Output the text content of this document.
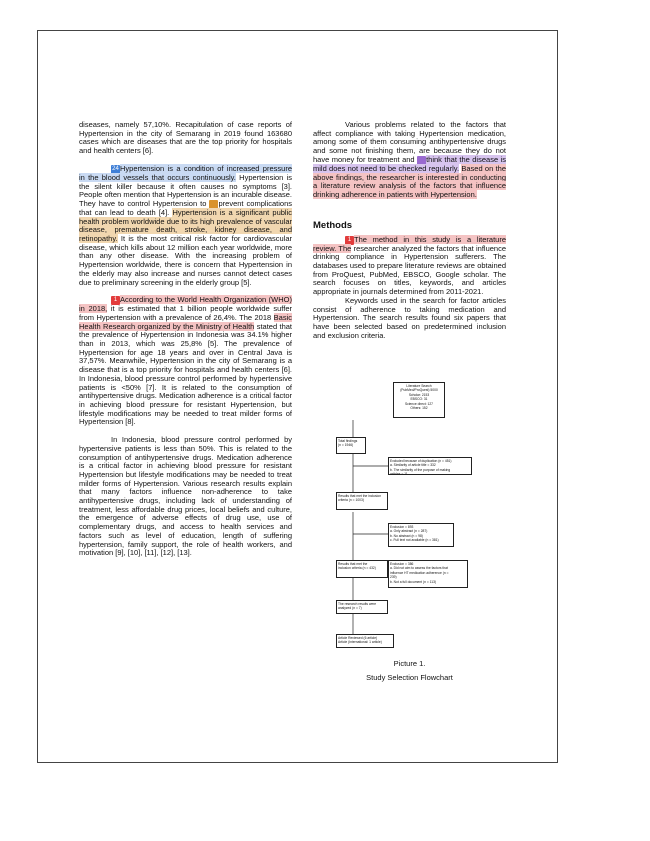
diseases, namely 57,10%. Recapitulation of case reports of Hypertension in the city of Semarang in 2019 found 163680 cases which are diseases that are the top priority for hospitals and health centers [6].

24Hypertension is a condition of increased pressure in the blood vessels that occurs continuously. Hypertension is the silent killer because it often causes no symptoms [3]. People often mention that Hypertension is an incurable disease. They have to control Hypertension to prevent complications that can lead to death [4]. Hypertension is a significant public health problem worldwide due to its high prevalence of vascular disease, premature death, stroke, kidney disease, and retinopathy. It is the most critical risk factor for cardiovascular disease, which kills about 12 million each year worldwide, more than any other disease. With the increasing problem of Hypertension worldwide, there is concern that Hypertension in the elderly may also increase and nurses cannot detect cases due to preliminary screening in the elderly group [5].

1 According to the World Health Organization (WHO) in 2018, it is estimated that 1 billion people worldwide suffer from Hypertension with a prevalence of 26,4%. The 2018 Basic Health Research organized by the Ministry of Health stated that the prevalence of Hypertension in Indonesia was 34.1% higher than in 2013, which was 25,8% [5]. The prevalence of Hypertension for age 18 years and over in Central Java is 37,57%. Meanwhile, Hypertension in the city of Semarang is a disease that is a top priority for hospitals and health centers [6]. In Indonesia, blood pressure control performed by hypertensive patients is <50% [7]. It is related to the consumption of antihypertensive drugs. Medication adherence is a critical factor in achieving blood pressure for resistant Hypertension, but lifestyle modifications may be needed to treat milder forms of Hypertension [8].

In Indonesia, blood pressure control performed by hypertensive patients is less than 50%. This is related to the consumption of antihypertensive drugs. Medication adherence is a critical factor in achieving blood pressure for resistant Hypertension but lifestyle modifications may be needed to treat milder forms of Hypertension. Various research results explain that many factors influence non-adherence to take antihypertensive drugs, including lack of understanding of treatment, less affordable drug prices, local beliefs and culture, the emergence of adverse effects of drug use, use of complementary drugs, and access to health services and factors such as level of education, length of suffering hypertension, family support, the role of health workers, and motivation [9], [10], [11], [12], [13].

Various problems related to the factors that affect compliance with taking Hypertension medication, among some of them consuming antihypertensive drugs and some not finishing them, are because they do not have money for treatment and think that the disease is mild does not need to be checked regularly. Based on the above findings, the researcher is interested in conducting a literature review analysis of the factors that influence drinking adherence in patients with Hypertension.

Methods

1 The method in this study is a literature review. The researcher analyzed the factors that influence drinking compliance in Hypertension sufferers. The databases used to prepare literature reviews are obtained from ProQuest, PubMed, EBSCO, Google scholar. The search focuses on titles, keywords, and articles appropriate in journals determined from 2011-2021.

Keywords used in the search for factor articles consist of adherence to taking medication and Hypertension. The search results found six papers that have been selected based on predetermined inclusion and exclusion criteria.

Literature Search
(PubMed/ProQuest) 5000
Scholar: 2153
EBSCO: 31
Science direct: 127
Others: 152
Total findings
(n = 1946)
Excluded because of duplication (n = 451)
a. Similarity of article title = 332
b. The similarity of the purpose of making
articles = 11
Results that met the inclusion
criteria (n = 1003)
Exclusion = 893
a. Only abstract (n = 287)
b. No abstract (n = 98)
c. Full text not available (n = 381)
Results that met the
inclusion criteria (n = 432)
Exclusion = 386
a. Did not aim to assess the factors that
influence HT medication adherence (n =
239)
b. Not a full document (n = 113)
The research results were
analyzed (n = 7)
Article Reviewed (6 article)
Article (International: 1 article)
Picture 1.
Study Selection Flowchart
